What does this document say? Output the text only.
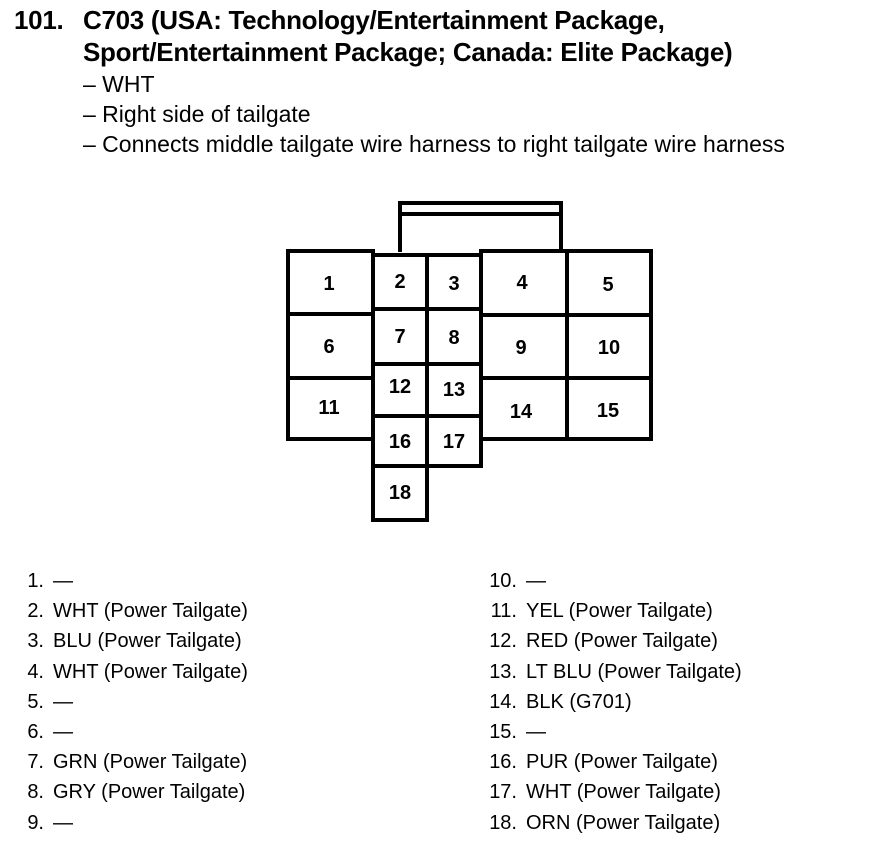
101. C703 (USA: Technology/Entertainment Package,
Sport/Entertainment Package; Canada: Elite Package)
– WHT
– Right side of tailgate
– Connects middle tailgate wire harness to right tailgate wire harness
1	2 3	4	5
6	7 8	9	10
11
12 13
14	15
16 17
18
1. —
2. WHT (Power Tailgate)
3. BLU (Power Tailgate)
4. WHT (Power Tailgate)
5. —
6. —
7. GRN (Power Tailgate)
8. GRY (Power Tailgate)
9. —
10. —
11. YEL (Power Tailgate)
12. RED (Power Tailgate)
13. LT BLU (Power Tailgate)
14. BLK (G701)
15. —
16. PUR (Power Tailgate)
17. WHT (Power Tailgate)
18. ORN (Power Tailgate)
